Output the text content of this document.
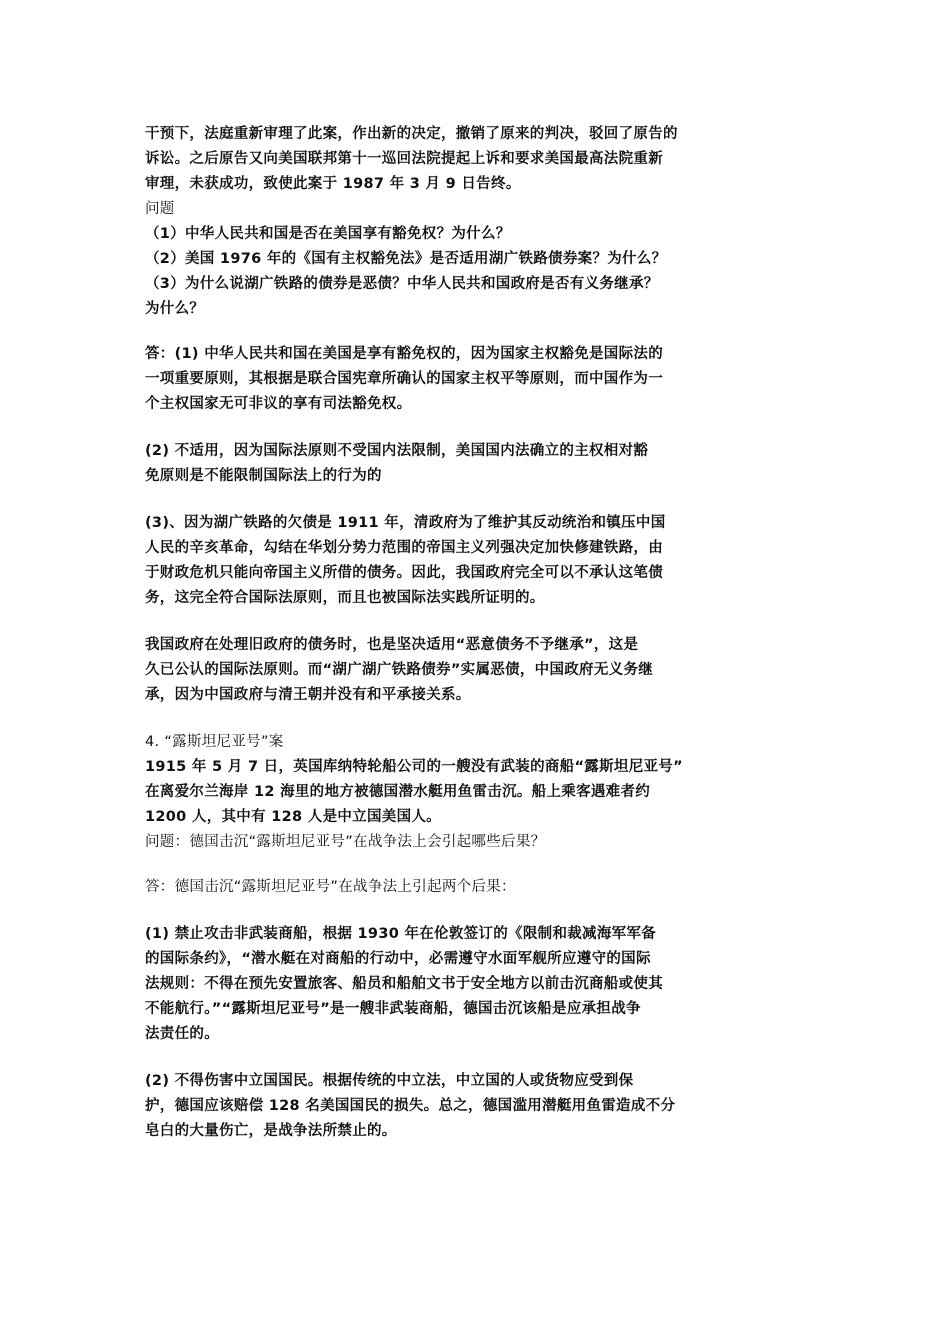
干预下，法庭重新审理了此案，作出新的决定，撤销了原来的判决，驳回了原告的

诉讼。之后原告又向美国联邦第十一巡回法院提起上诉和要求美国最高法院重新

审理，未获成功，致使此案于 1987 年 3 月 9 日告终。

问题

（1）中华人民共和国是否在美国享有豁免权？为什么？

（2）美国 1976 年的《国有主权豁免法》是否适用湖广铁路债券案？为什么？

（3）为什么说湖广铁路的债券是恶债？中华人民共和国政府是否有义务继承？

为什么？

答：(1) 中华人民共和国在美国是享有豁免权的，因为国家主权豁免是国际法的

一项重要原则，其根据是联合国宪章所确认的国家主权平等原则，而中国作为一

个主权国家无可非议的享有司法豁免权。

(2) 不适用，因为国际法原则不受国内法限制，美国国内法确立的主权相对豁

免原则是不能限制国际法上的行为的

(3)、因为湖广铁路的欠债是 1911 年，清政府为了维护其反动统治和镇压中国

人民的辛亥革命，勾结在华划分势力范围的帝国主义列强决定加快修建铁路，由

于财政危机只能向帝国主义所借的债务。因此，我国政府完全可以不承认这笔债

务，这完全符合国际法原则，而且也被国际法实践所证明的。

我国政府在处理旧政府的债务时，也是坚决适用“恶意债务不予继承”，这是

久已公认的国际法原则。而“湖广湖广铁路债券”实属恶债，中国政府无义务继

承，因为中国政府与清王朝并没有和平承接关系。

4. “露斯坦尼亚号”案

1915 年 5 月 7 日，英国库纳特轮船公司的一艘没有武装的商船“露斯坦尼亚号”

在离爱尔兰海岸 12 海里的地方被德国潜水艇用鱼雷击沉。船上乘客遇难者约

1200 人，其中有 128 人是中立国美国人。

问题：德国击沉“露斯坦尼亚号”在战争法上会引起哪些后果？

答：德国击沉“露斯坦尼亚号”在战争法上引起两个后果：

(1) 禁止攻击非武装商船，根据 1930 年在伦敦签订的《限制和裁减海军军备

的国际条约》，“潜水艇在对商船的行动中，必需遵守水面军舰所应遵守的国际

法规则：不得在预先安置旅客、船员和船舶文书于安全地方以前击沉商船或使其

不能航行。”“露斯坦尼亚号”是一艘非武装商船，德国击沉该船是应承担战争

法责任的。

(2) 不得伤害中立国国民。根据传统的中立法，中立国的人或货物应受到保

护，德国应该赔偿 128 名美国国民的损失。总之，德国滥用潜艇用鱼雷造成不分

皂白的大量伤亡，是战争法所禁止的。
